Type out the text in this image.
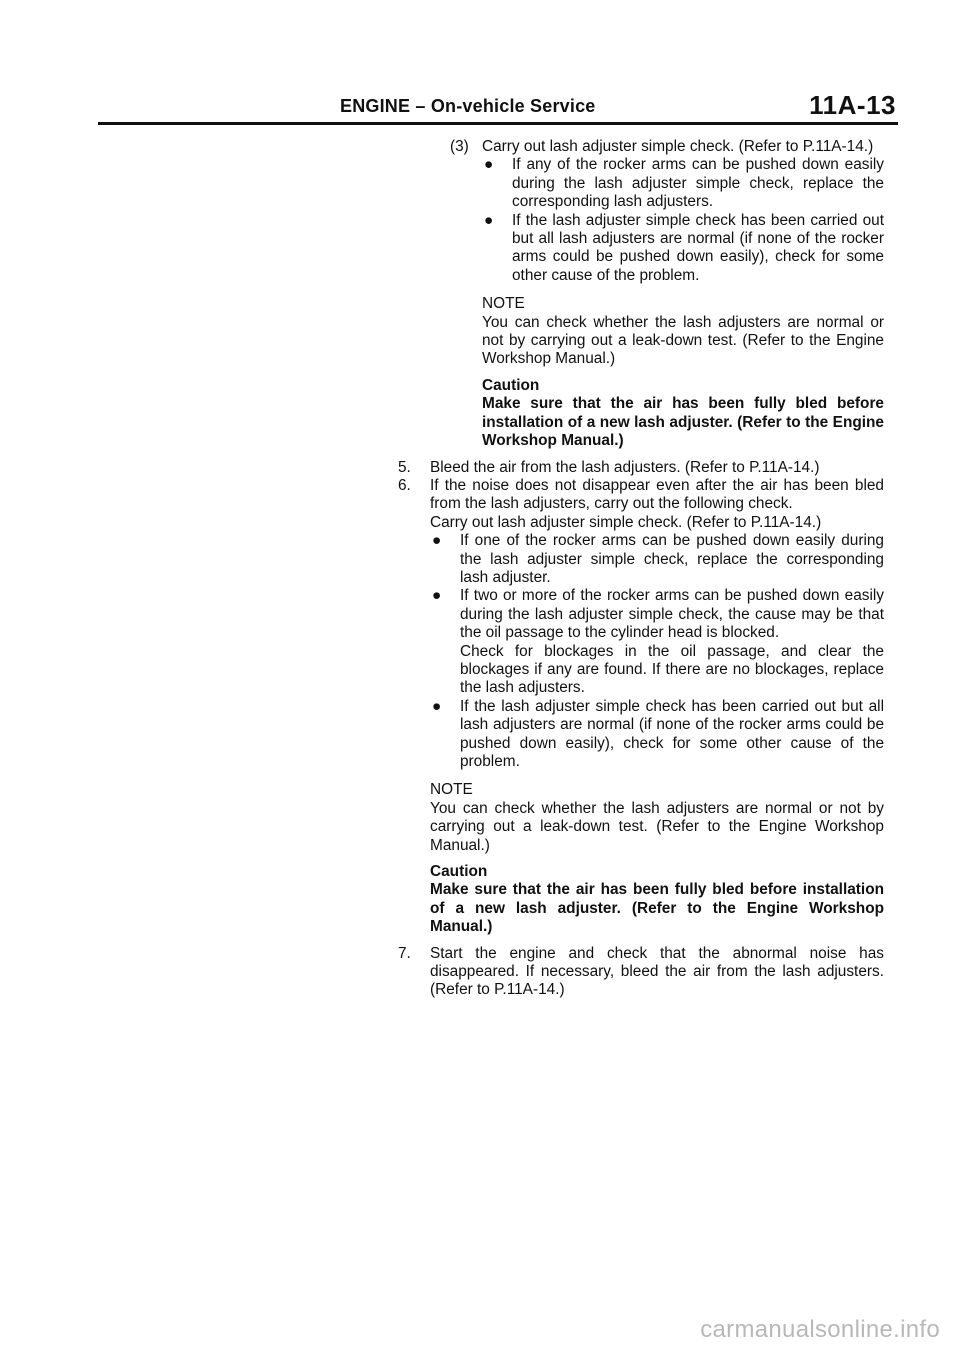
ENGINE – On-vehicle Service	11A-13
(3) Carry out lash adjuster simple check. (Refer to P.11A-14.)

●	If any of the rocker arms can be pushed down easily during the lash adjuster simple check, replace the corresponding lash adjusters.

●	If the lash adjuster simple check has been carried out but all lash adjusters are normal (if none of the rocker arms could be pushed down easily), check for some other cause of the problem.

NOTE

You can check whether the lash adjusters are normal or not by carrying out a leak-down test. (Refer to the Engine Workshop Manual.)

Caution

Make sure that the air has been fully bled before installation of a new lash adjuster. (Refer to the Engine Workshop Manual.)

5.	Bleed the air from the lash adjusters. (Refer to P.11A-14.)

6.	If the noise does not disappear even after the air has been bled from the lash adjusters, carry out the following check.

Carry out lash adjuster simple check. (Refer to P.11A-14.)

●	If one of the rocker arms can be pushed down easily during the lash adjuster simple check, replace the corresponding lash adjuster.

●	If two or more of the rocker arms can be pushed down easily during the lash adjuster simple check, the cause may be that the oil passage to the cylinder head is blocked.

Check for blockages in the oil passage, and clear the blockages if any are found. If there are no blockages, replace the lash adjusters.

●	If the lash adjuster simple check has been carried out but all lash adjusters are normal (if none of the rocker arms could be pushed down easily), check for some other cause of the problem.

NOTE

You can check whether the lash adjusters are normal or not by carrying out a leak-down test. (Refer to the Engine Workshop Manual.)

Caution

Make sure that the air has been fully bled before installation of a new lash adjuster. (Refer to the Engine Workshop Manual.)

7.	Start the engine and check that the abnormal noise has disappeared. If necessary, bleed the air from the lash adjusters. (Refer to P.11A-14.)

carmanualsonline.info
